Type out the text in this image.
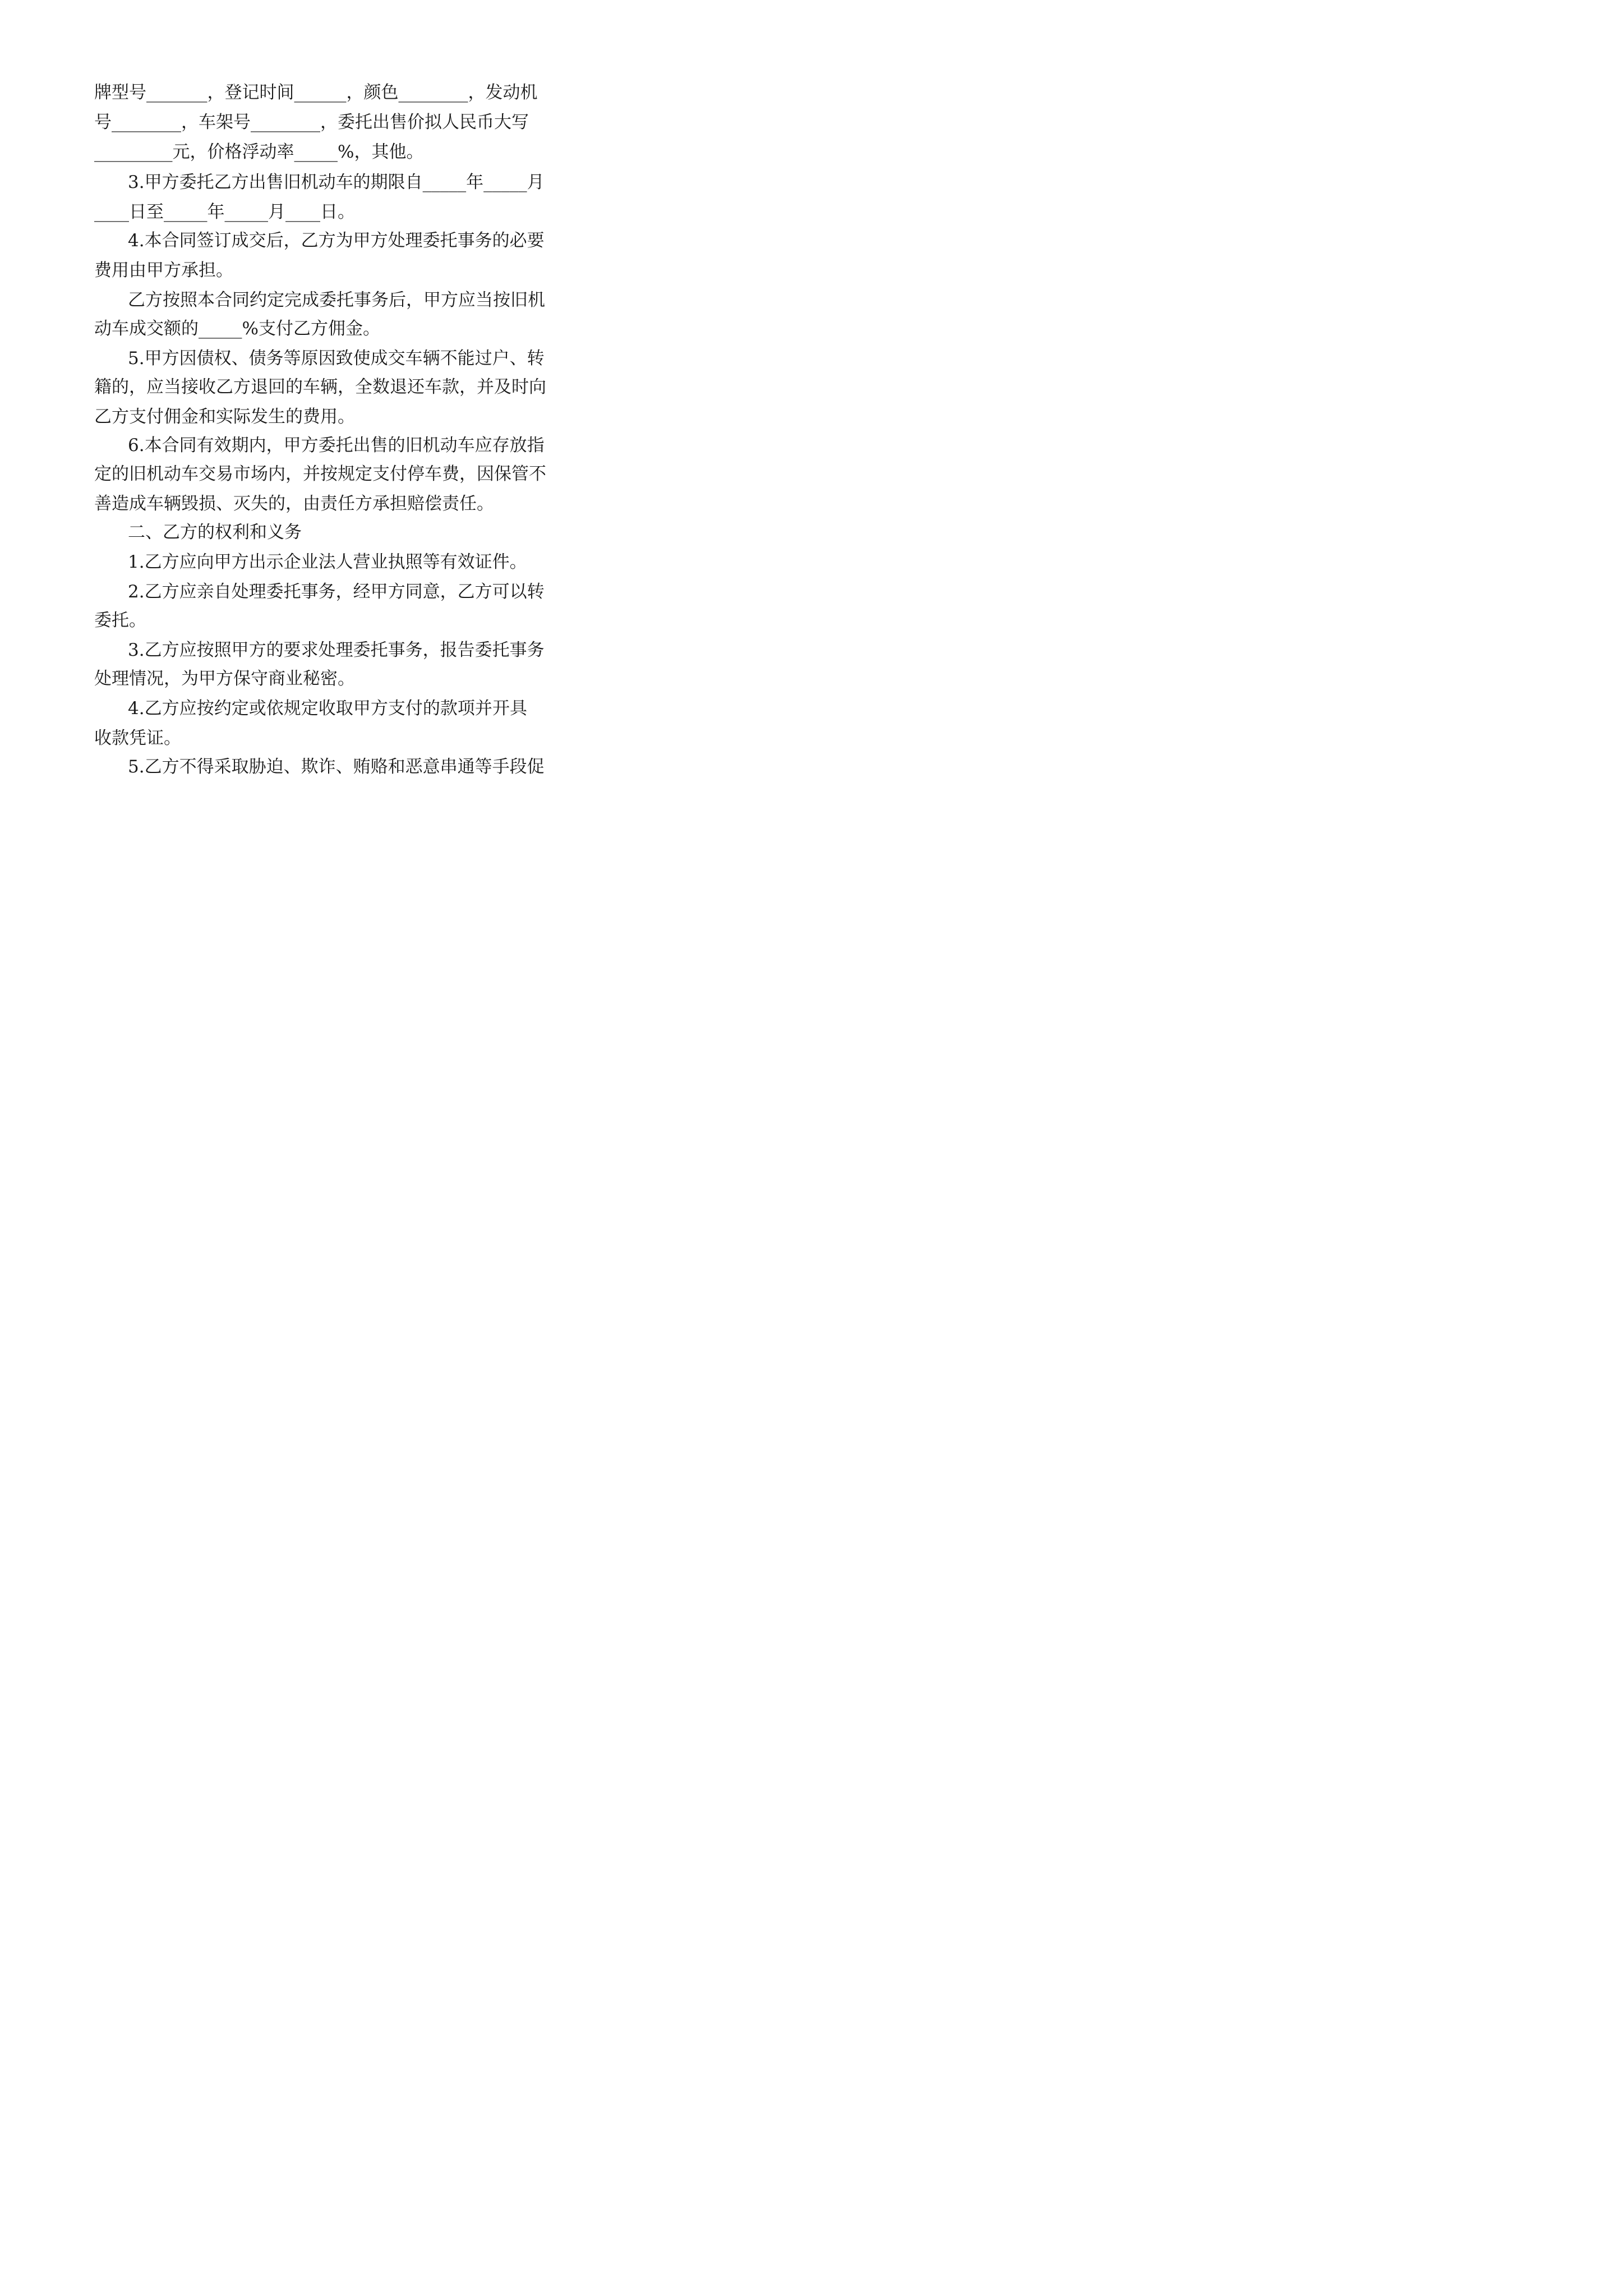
牌 型 号 _ _ _ _ _ _ _ ， 登 记 时 间 _ _ _ _ _ _ ， 颜 色 _ _ _ _ _ _ _ _ ， 发 动 机
号 _ _ _ _ _ _ _ _ ， 车 架 号 _ _ _ _ _ _ _ _ ， 委 托 出 售 价 拟 人 民 币 大 写
_________元，价格浮动率_____%，其他。
3 . 甲 方 委 托 乙 方 出 售 旧 机 动 车 的 期 限 自 _ _ _ _ _ 年 _ _ _ _ _ 月
____日至_____年_____月____日。
4 . 本 合 同 签 订 成 交 后 ， 乙 方 为 甲 方 处 理 委 托 事 务 的 必 要
费用由甲方承担。
乙 方 按 照 本 合 同 约 定 完 成 委 托 事 务 后 ， 甲 方 应 当 按 旧 机
动车成交额的_____%支付乙方佣金。
5 . 甲 方 因 债 权 、 债 务 等 原 因 致 使 成 交 车 辆 不 能 过 户 、 转
籍 的 ， 应 当 接 收 乙 方 退 回 的 车 辆 ， 全 数 退 还 车 款 ， 并 及 时 向
乙方支付佣金和实际发生的费用。
6 . 本 合 同 有 效 期 内 ， 甲 方 委 托 出 售 的 旧 机 动 车 应 存 放 指
定 的 旧 机 动 车 交 易 市 场 内 ， 并 按 规 定 支 付 停 车 费 ， 因 保 管 不
善造成车辆毁损、灭失的，由责任方承担赔偿责任。
二、乙方的权利和义务
1.乙方应向甲方出示企业法人营业执照等有效证件。
2 . 乙 方 应 亲 自 处 理 委 托 事 务 ， 经 甲 方 同 意 ， 乙 方 可 以 转
委托。
3 . 乙 方 应 按 照 甲 方 的 要 求 处 理 委 托 事 务 ， 报 告 委 托 事 务
处理情况，为甲方保守商业秘密。
4 . 乙 方 应 按 约 定 或 依 规 定 收 取 甲 方 支 付 的 款 项 并 开 具
收款凭证。
5 . 乙 方 不 得 采 取 胁 迫 、 欺 诈 、 贿 赂 和 恶 意 串 通 等 手 段 促
